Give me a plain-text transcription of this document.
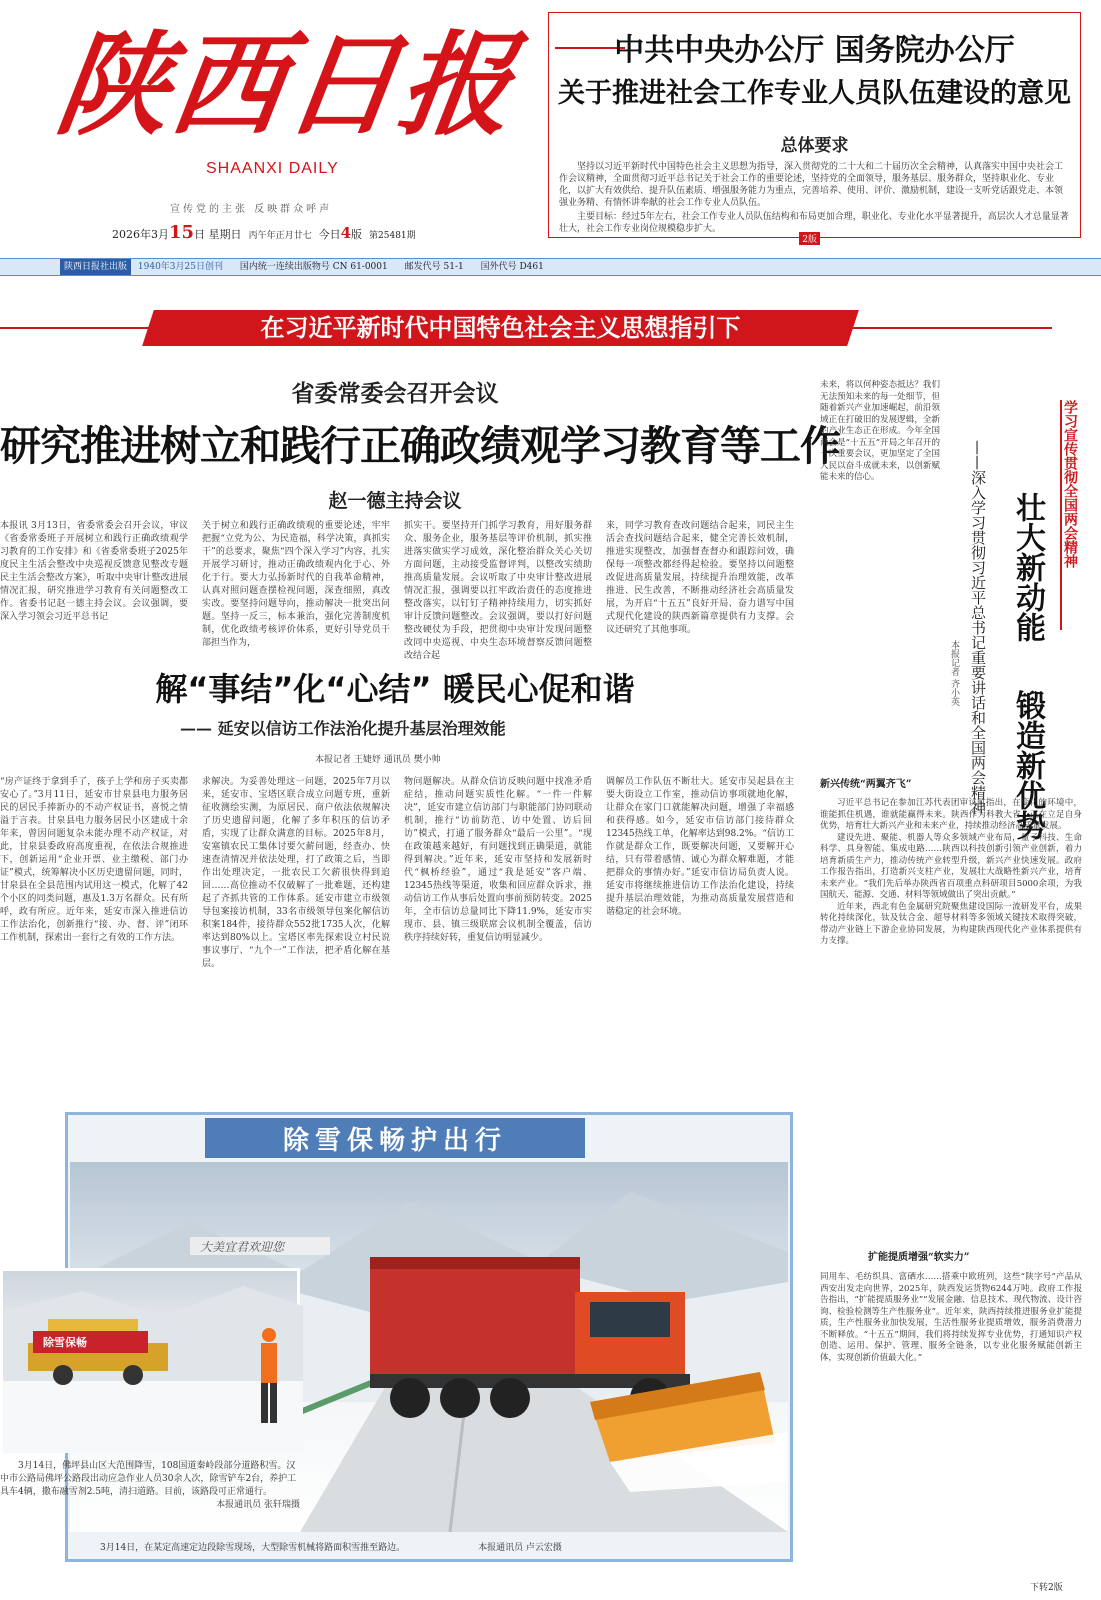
陕西日报
SHAANXI DAILY
宣传党的主张 反映群众呼声
2026年3月15日 星期日 丙午年正月廿七 今日4版 第25481期
中共中央办公厅 国务院办公厅
关于推进社会工作专业人员队伍建设的意见
总体要求

坚持以习近平新时代中国特色社会主义思想为指导，深入贯彻党的二十大和二十届历次全会精神，认真落实中国中央社会工作会议精神，全面贯彻习近平总书记关于社会工作的重要论述，坚持党的全面领导，服务基层、服务群众，坚持职业化、专业化，以扩大有效供给、提升队伍素质、增强服务能力为重点，完善培养、使用、评价、激励机制，建设一支听党话跟党走、本领强业务精、有情怀讲奉献的社会工作专业人员队伍。

主要目标：经过5年左右，社会工作专业人员队伍结构和布局更加合理，职业化、专业化水平显著提升，高层次人才总量显著壮大，社会工作专业岗位规模稳步扩大。

2版
陕西日报社出版 1940年3月25日创刊 国内统一连续出版物号 CN 61-0001 邮发代号 51-1 国外代号 D461
在习近平新时代中国特色社会主义思想指引下
省委常委会召开会议
研究推进树立和践行正确政绩观学习教育等工作
赵一德主持会议
本报讯 3月13日，省委常委会召开会议，审议《省委常委班子开展树立和践行正确政绩观学习教育的工作安排》和《省委常委班子2025年度民主生活会整改中央巡视反馈意见整改专题民主生活会整改方案》，听取中央审计整改进展情况汇报，研究推进学习教育有关问题整改工作。省委书记赵一德主持会议。会议强调，要深入学习领会习近平总书记
关于树立和践行正确政绩观的重要论述，牢牢把握“立党为公、为民造福，科学决策，真抓实干”的总要求，聚焦“四个深入学习”内容，扎实开展学习研讨，推动正确政绩观内化于心、外化于行。要大力弘扬新时代的自我革命精神，认真对照问题查摆检视问题，深查细照，真改实改。要坚持问题导向，推动解决一批突出问题。坚持一反三，标本兼治，强化完善制度机制，优化政绩考核评价体系，更好引导党员干部担当作为，
抓实干。要坚持开门抓学习教育，用好服务群众、服务企业，服务基层等评价机制，抓实推进落实做实学习成效，深化整治群众关心关切方面问题，主动接受监督评判，以整改实绩助推高质量发展。会议听取了中央审计整改进展情况汇报，强调要以扛牢政治责任的态度推进整改落实，以钉钉子精神持续用力，切实抓好审计反馈问题整改。会议强调，要以打好问题整改硬仗为手段，把贯彻中央审计发现问题整改同中央巡视、中央生态环境督察反馈问题整改结合起
来，同学习教育查改问题结合起来，同民主生活会查找问题结合起来，健全完善长效机制，推进实现整改，加强督查督办和跟踪问效，确保每一项整改都经得起检验。要坚持以问题整改促进高质量发展，持续提升治理效能，改革推进、民生改善，不断推动经济社会高质量发展，为开启“十五五”良好开局、奋力谱写中国式现代化建设的陕西新篇章提供有力支撑。会议还研究了其他事项。
解“事结”化“心结” 暖民心促和谐
—— 延安以信访工作法治化提升基层治理效能
本报记者 王婕妤 通讯员 樊小帅
“房产证终于拿到手了，孩子上学和房子买卖都安心了。”3月11日，延安市甘泉县电力服务居民的居民手捧新办的不动产权证书，喜悦之情溢于言表。甘泉县电力服务居民小区建成十余年来，曾因问题复杂未能办理不动产权证，对此，甘泉县委政府高度重视，在依法合规推进下，创新运用“企业开票、业主缴税、部门办证”模式，统筹解决小区历史遗留问题，同时，甘泉县在全县范围内试用这一模式，化解了42个小区的同类问题，惠及1.3万名群众。民有所呼，政有所应。近年来，延安市深入推进信访工作法治化，创新推行“接、办、督、评”闭环工作机制，探索出一套行之有效的工作方法。
求解决。为妥善处理这一问题，2025年7月以来，延安市、宝塔区联合成立问题专班，重新征收测绘实测，为原居民、商户依法依规解决了历史遗留问题，化解了多年积压的信访矛盾，实现了让群众满意的目标。2025年8月，安塞镇农民工集体讨要欠薪问题，经查办、快速查清情况并依法处理，打了政策之后，当即作出处理决定，一批农民工欠薪很快得到追回……高位推动不仅破解了一批难题，还构建起了齐抓共管的工作体系。延安市建立市级领导包案接访机制，33名市级领导包案化解信访积案184件，接待群众552批1735人次，化解率达到80%以上。宝塔区率先探索设立村民说事议事厅、“九个一”工作法，把矛盾化解在基层。
物问题解决。从群众信访反映问题中找准矛盾症结，推动问题实质性化解。“一件一件解决”，延安市建立信访部门与职能部门协同联动机制，推行“访前防范、访中处置、访后回访”模式，打通了服务群众“最后一公里”。“现在政策越来越好，有问题找到正确渠道，就能得到解决。”近年来，延安市坚持和发展新时代“枫桥经验”，通过“我是延安”客户端、12345热线等渠道，收集和回应群众诉求，推动信访工作从事后处置向事前预防转变。2025年，全市信访总量同比下降11.9%，延安市实现市、县、镇三级联席会议机制全覆盖，信访秩序持续好转，重复信访明显减少。
调解员工作队伍不断壮大。延安市吴起县在主要大街设立工作室，推动信访事项就地化解，让群众在家门口就能解决问题，增强了幸福感和获得感。如今，延安市信访部门接待群众12345热线工单，化解率达到98.2%。“信访工作就是群众工作，既要解决问题，又要解开心结，只有带着感情、诚心为群众解难题，才能把群众的事情办好。”延安市信访局负责人说。延安市将继续推进信访工作法治化建设，持续提升基层治理效能，为推动高质量发展营造和谐稳定的社会环境。
除雪保畅护出行
大美宜君欢迎您
除雪保畅

3月14日，佛坪县山区大范围降雪，108国道秦岭段部分道路积雪。汉中市公路局佛坪公路段出动应急作业人员30余人次，除雪铲车2台，养护工具车4辆，撒布融雪剂2.5吨，清扫道路。目前，该路段可正常通行。

本报通讯员 张轩瑞摄

3月14日，在某定高速定边段除雪现场，大型除雪机械将路面积雪推至路边。	本报通讯员 卢云宏摄
未来，将以何种姿态抵达？我们无法预知未来的每一处细节，但随着新兴产业加速崛起，前沿领域正在打破旧的发展逻辑，全新的产业生态正在形成。今年全国两会是“十五五”开局之年召开的一次重要会议，更加坚定了全国人民以奋斗成就未来，以创新赋能未来的信心。
壮大新动能
锻造新优势
——深入学习贯彻习近平总书记重要讲话和全国两会精神
本报记者 齐小英
学习宣传贯彻全国两会精神
新兴传统“两翼齐飞”

习近平总书记在参加江苏代表团审议时指出，在变化的环境中，谁能抓住机遇，谁就能赢得未来。陕西作为科教大省，正在立足自身优势，培育壮大新兴产业和未来产业，持续推动经济高质量发展。

建设先进、聚能、机器人等众多领域产业布局，量子科技、生命科学、具身智能、集成电路……陕西以科技创新引领产业创新，着力培育新质生产力，推动传统产业转型升级，新兴产业快速发展。政府工作报告指出，打造新兴支柱产业，发展壮大战略性新兴产业，培育未来产业。“我们先后举办陕西省百项重点科研项目5000余项，为我国航天、能源、交通、材料等领域做出了突出贡献。”

近年来，西北有色金属研究院聚焦建设国际一流研发平台，成果转化持续深化，钛及钛合金、超导材料等多领域关键技术取得突破，带动产业链上下游企业协同发展，为构建陕西现代化产业体系提供有力支撑。

扩能提质增强“软实力”
同用车、毛纺织具、富硒水……搭乘中欧班列，这些“陕字号”产品从西安出发走向世界，2025年，陕西发运货物6244万吨。政府工作报告指出，“扩能提质服务业”“发展金融、信息技术、现代物流、设计咨询、检验检测等生产性服务业”。近年来，陕西持续推进服务业扩能提质，生产性服务业加快发展，生活性服务业提质增效，服务消费潜力不断释放。“十五五”期间，我们将持续发挥专业优势，打通知识产权创造、运用、保护、管理、服务全链条，以专业化服务赋能创新主体，实现创新价值最大化。”
下转2版
